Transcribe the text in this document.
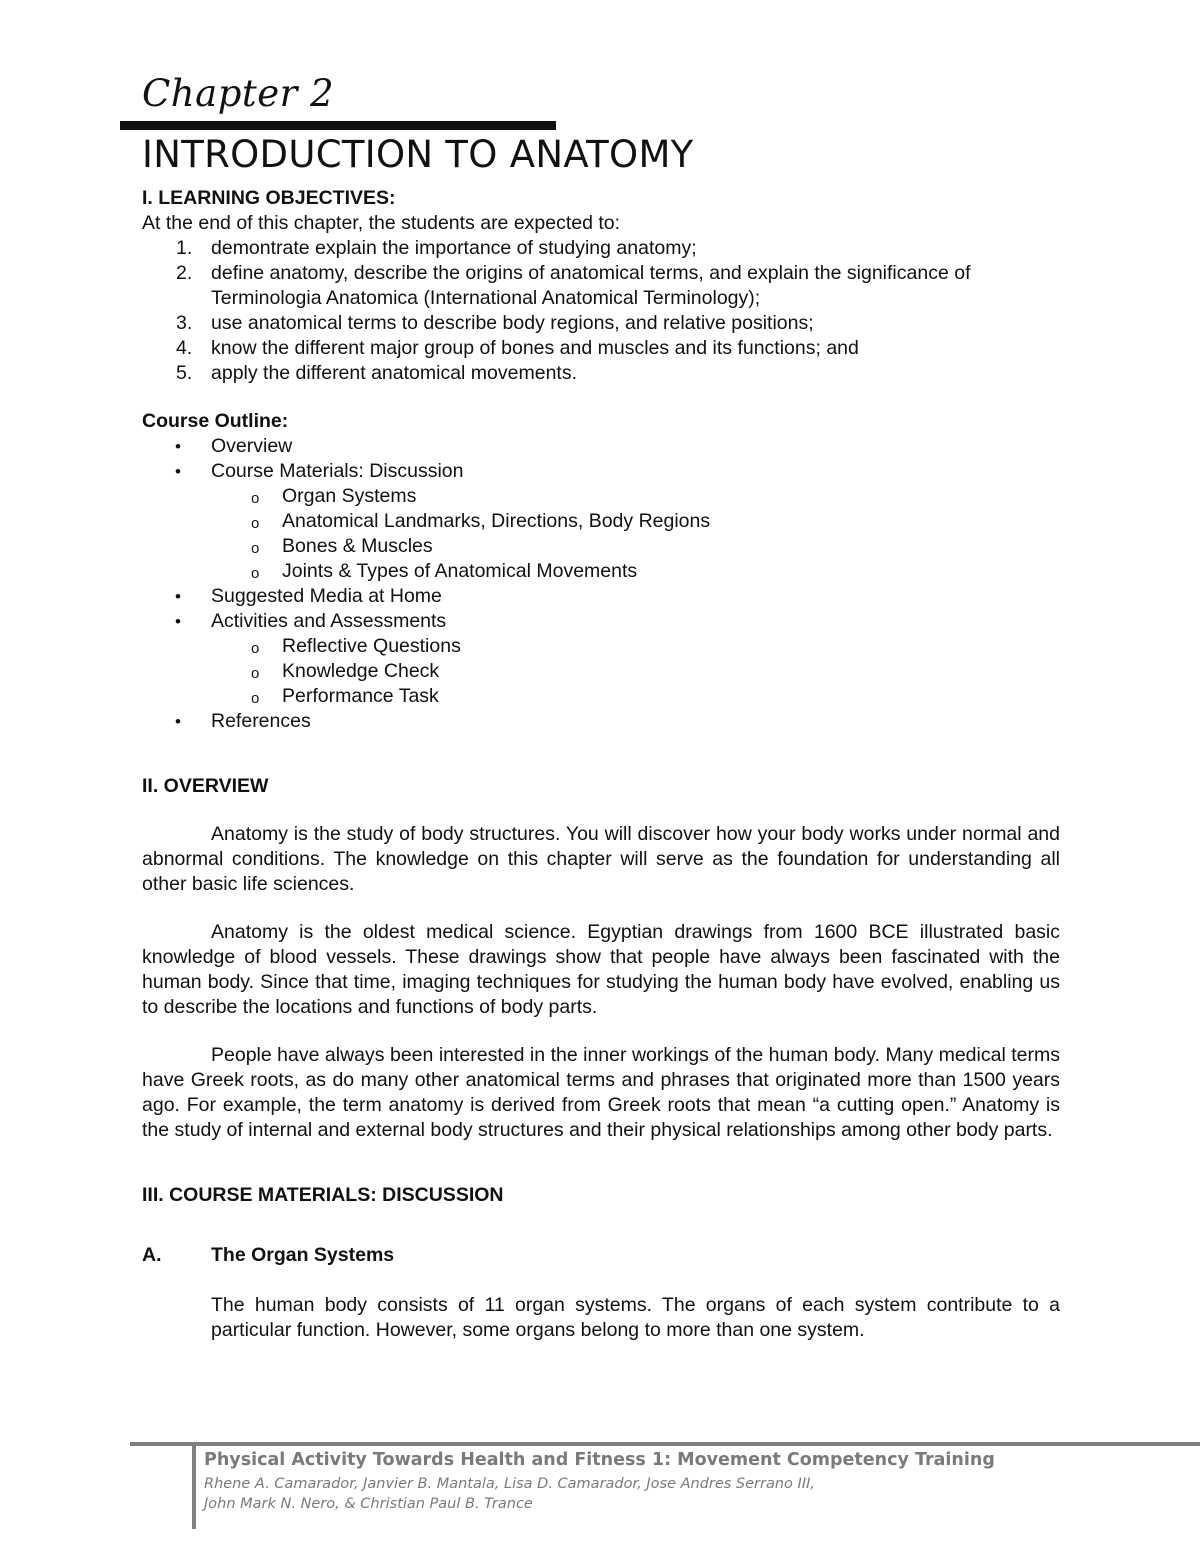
Chapter 2
INTRODUCTION TO ANATOMY

I. LEARNING OBJECTIVES:

At the end of this chapter, the students are expected to:

1. demontrate explain the importance of studying anatomy;
2. define anatomy, describe the origins of anatomical terms, and explain the significance of Terminologia Anatomica (International Anatomical Terminology);
3. use anatomical terms to describe body regions, and relative positions;
4. know the different major group of bones and muscles and its functions; and
5. apply the different anatomical movements.

Course Outline:

• Overview
• Course Materials: Discussion
o Organ Systems
o Anatomical Landmarks, Directions, Body Regions
o Bones & Muscles
o Joints & Types of Anatomical Movements
• Suggested Media at Home
• Activities and Assessments
o Reflective Questions
o Knowledge Check
o Performance Task
• References

II. OVERVIEW

Anatomy is the study of body structures. You will discover how your body works under normal and abnormal conditions. The knowledge on this chapter will serve as the foundation for understanding all other basic life sciences.

Anatomy is the oldest medical science. Egyptian drawings from 1600 BCE illustrated basic knowledge of blood vessels. These drawings show that people have always been fascinated with the human body. Since that time, imaging techniques for studying the human body have evolved, enabling us to describe the locations and functions of body parts.

People have always been interested in the inner workings of the human body. Many medical terms have Greek roots, as do many other anatomical terms and phrases that originated more than 1500 years ago. For example, the term anatomy is derived from Greek roots that mean “a cutting open.” Anatomy is the study of internal and external body structures and their physical relationships among other body parts.

III. COURSE MATERIALS: DISCUSSION

A.	The Organ Systems

The human body consists of 11 organ systems. The organs of each system contribute to a particular function. However, some organs belong to more than one system.

Physical Activity Towards Health and Fitness 1: Movement Competency Training
Rhene A. Camarador, Janvier B. Mantala, Lisa D. Camarador, Jose Andres Serrano III,
John Mark N. Nero, & Christian Paul B. Trance
